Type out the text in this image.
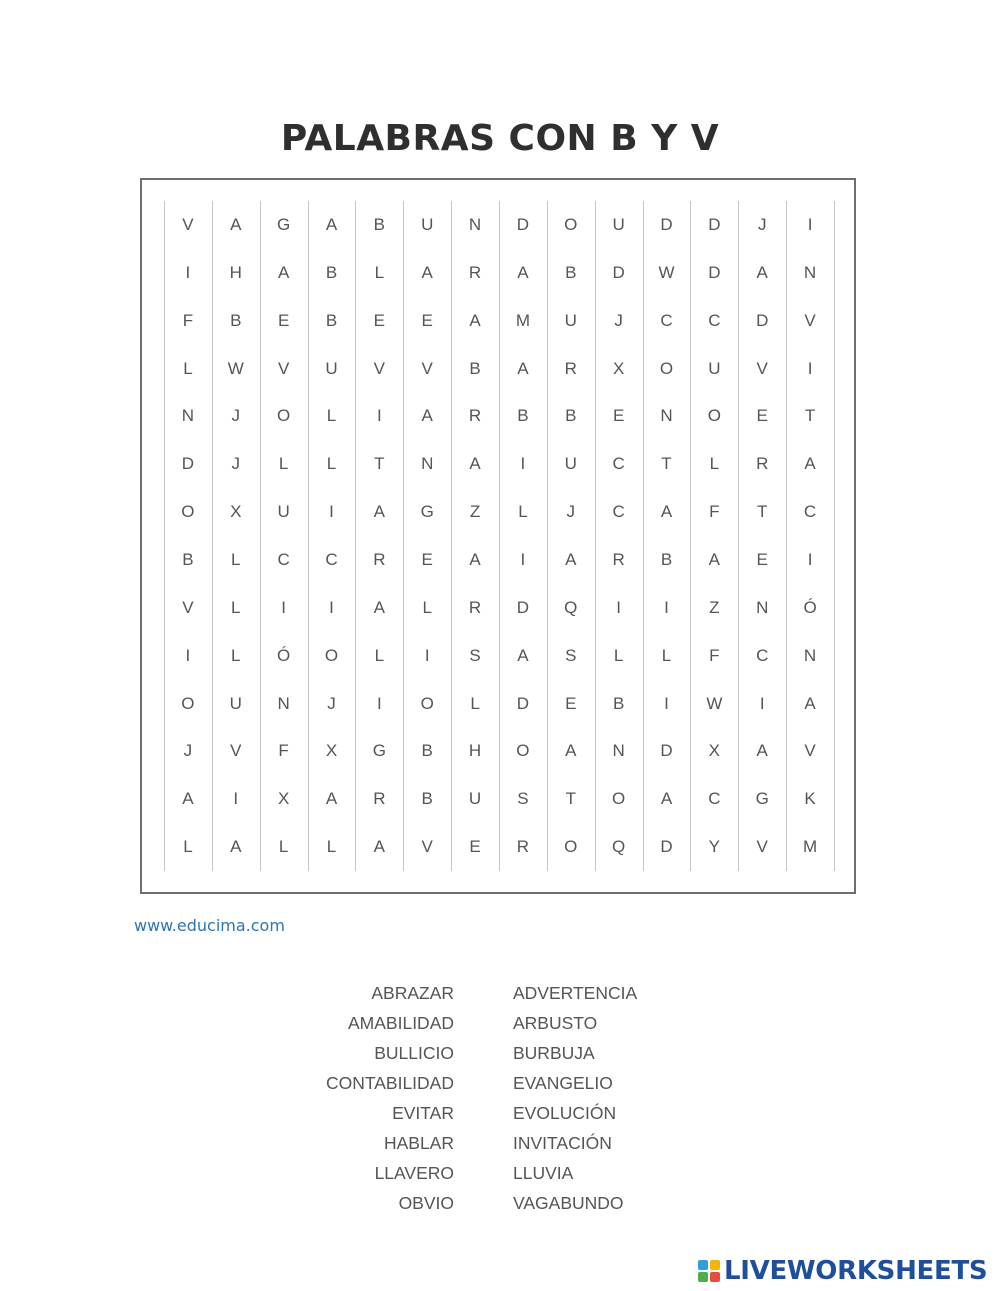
PALABRAS CON B Y V
V	A	G	A	B	U	N	D	O	U	D	D	J	I
I	H	A	B	L	A	R	A	B	D	W	D	A	N
F	B	E	B	E	E	A	M	U	J	C	C	D	V
L	W	V	U	V	V	B	A	R	X	O	U	V	I
N	J	O	L	I	A	R	B	B	E	N	O	E	T
D	J	L	L	T	N	A	I	U	C	T	L	R	A
O	X	U	I	A	G	Z	L	J	C	A	F	T	C
B	L	C	C	R	E	A	I	A	R	B	A	E	I
V	L	I	I	A	L	R	D	Q	I	I	Z	N	Ó
I	L	Ó	O	L	I	S	A	S	L	L	F	C	N
O	U	N	J	I	O	L	D	E	B	I	W	I	A
J	V	F	X	G	B	H	O	A	N	D	X	A	V
A	I	X	A	R	B	U	S	T	O	A	C	G	K
L	A	L	L	A	V	E	R	O	Q	D	Y	V	M
www.educima.com
ABRAZAR
AMABILIDAD
BULLICIO
CONTABILIDAD
EVITAR
HABLAR
LLAVERO
OBVIO
ADVERTENCIA
ARBUSTO
BURBUJA
EVANGELIO
EVOLUCIÓN
INVITACIÓN
LLUVIA
VAGABUNDO
LIVEWORKSHEETS
